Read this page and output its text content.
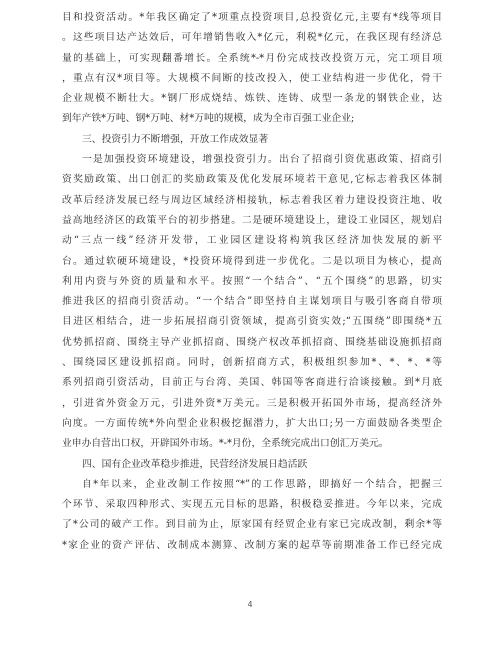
目和投资活动。*年我区确定了*项重点投资项目,总投资亿元,主要有*线等项目
。这些项目达产达效后，可年增销售收入*亿元，利税*亿元，在我区现有经济总
量的基础上，可实现翻番增长。全系统*-*月份完成技改投资万元，完工项目项
，重点有汉*项目等。大规模不间断的技改投入，使工业结构进一步优化，骨干
企业规模不断壮大。*钢厂形成烧结、炼铁、连铸、成型一条龙的钢铁企业，达
到年产铁*万吨、钢*万吨、材*万吨的规模，成为全市百强工业企业;
三、投资引力不断增强，开放工作成效显著
一是加强投资环境建设，增强投资引力。出台了招商引资优惠政策、招商引
资奖励政策、出口创汇的奖励政策及优化发展环境若干意见,它标志着我区体制
改革后经济发展已经与周边区域经济相接轨，标志着我区着力建设投资注地、收
益高地经济区的政策平台的初步搭建。二是硬环境建设上，建设工业园区，规划启
动“三点一线”经济开发带，工业园区建设将构筑我区经济加快发展的新平
台。通过软硬环境建设，*投资环境得到进一步优化。二是以项目为核心，提高
利用内资与外资的质量和水平。按照“一个结合”、“五个围绕”的思路，切实
推进我区的招商引资活动。“一个结合”即坚持自主谋划项目与吸引客商自带项
目进区相结合，进一步拓展招商引资领域，提高引资实效;“五围绕”即围绕*五
优势抓招商、围绕主导产业抓招商、围绕产权改革抓招商、围绕基础设施抓招商
、围绕园区建设抓招商。同时，创新招商方式，积极组织参加*、*、*、*等
系列招商引资活动，目前正与台湾、美国、韩国等客商进行洽谈接触。到*月底
，引进省外资金万元，引进外资*万美元。三是积极开拓国外市场，提高经济外
向度。一方面传统*外向型企业积极挖掘潜力，扩大出口;另一方面鼓励各类型企
业申办自营出口权，开辟国外市场。*-*月份，全系统完成出口创汇万美元。
四、国有企业改革稳步推进，民营经济发展日趋活跃
自*年以来，企业改制工作按照“*”的工作思路，即搞好一个结合，把握三
个环节、采取四种形式、实现五元目标的思路，积极稳妥推进。今年以来，完成
了*公司的破产工作。到目前为止，原家国有经贸企业有家已完成改制，剩余*等
*家企业的资产评估、改制成本测算、改制方案的起草等前期准备工作已经完成
4
